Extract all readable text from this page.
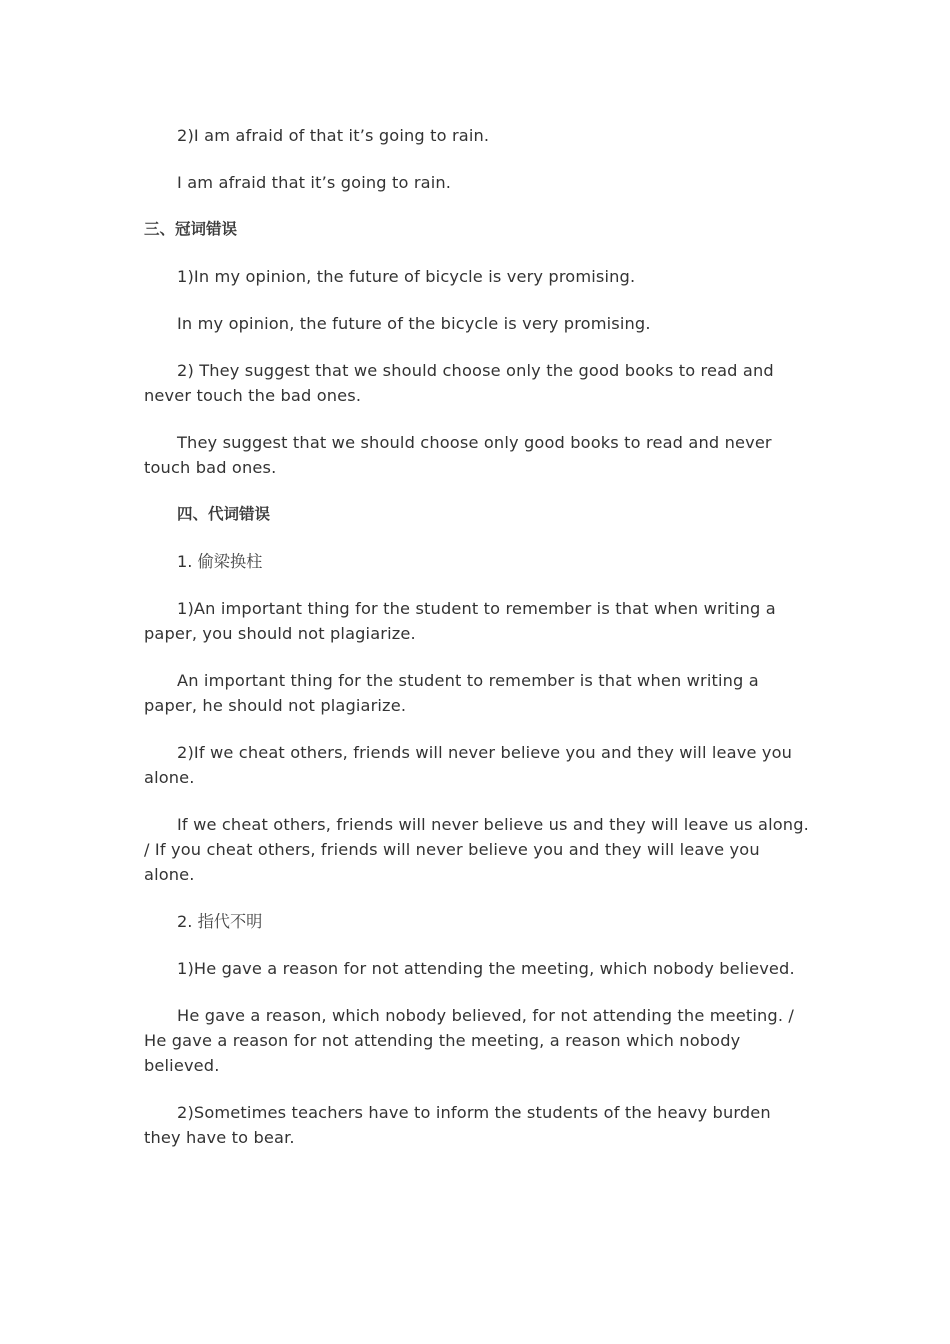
2)I am afraid of that it’s going to rain.

I am afraid that it’s going to rain.

三、冠词错误

1)In my opinion, the future of bicycle is very promising.

In my opinion, the future of the bicycle is very promising.

2) They suggest that we should choose only the good books to read and never touch the bad ones.

They suggest that we should choose only good books to read and never touch bad ones.

四、代词错误

1. 偷梁换柱

1)An important thing for the student to remember is that when writing a paper, you should not plagiarize.

An important thing for the student to remember is that when writing a paper, he should not plagiarize.

2)If we cheat others, friends will never believe you and they will leave you alone.

If we cheat others, friends will never believe us and they will leave us along. / If you cheat others, friends will never believe you and they will leave you alone.

2. 指代不明

1)He gave a reason for not attending the meeting, which nobody believed.

He gave a reason, which nobody believed, for not attending the meeting. / He gave a reason for not attending the meeting, a reason which nobody believed.

2)Sometimes teachers have to inform the students of the heavy burden they have to bear.
